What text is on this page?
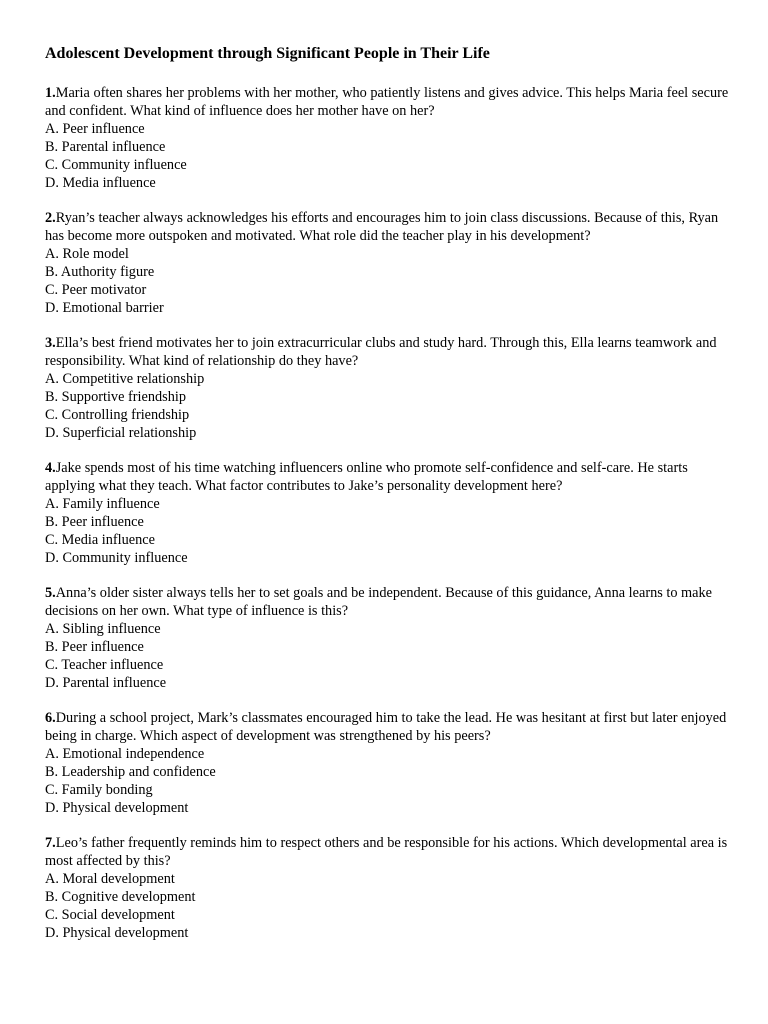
Adolescent Development through Significant People in Their Life

1.Maria often shares her problems with her mother, who patiently listens and gives advice. This helps Maria feel secure and confident. What kind of influence does her mother have on her?

A. Peer influence
B. Parental influence
C. Community influence
D. Media influence

2.Ryan’s teacher always acknowledges his efforts and encourages him to join class discussions. Because of this, Ryan has become more outspoken and motivated. What role did the teacher play in his development?

A. Role model
B. Authority figure
C. Peer motivator
D. Emotional barrier

3.Ella’s best friend motivates her to join extracurricular clubs and study hard. Through this, Ella learns teamwork and responsibility. What kind of relationship do they have?

A. Competitive relationship
B. Supportive friendship
C. Controlling friendship
D. Superficial relationship

4.Jake spends most of his time watching influencers online who promote self-confidence and self-care. He starts applying what they teach. What factor contributes to Jake’s personality development here?

A. Family influence
B. Peer influence
C. Media influence
D. Community influence

5.Anna’s older sister always tells her to set goals and be independent. Because of this guidance, Anna learns to make decisions on her own. What type of influence is this?

A. Sibling influence
B. Peer influence
C. Teacher influence
D. Parental influence

6.During a school project, Mark’s classmates encouraged him to take the lead. He was hesitant at first but later enjoyed being in charge. Which aspect of development was strengthened by his peers?

A. Emotional independence
B. Leadership and confidence
C. Family bonding
D. Physical development

7.Leo’s father frequently reminds him to respect others and be responsible for his actions. Which developmental area is most affected by this?

A. Moral development
B. Cognitive development
C. Social development
D. Physical development
